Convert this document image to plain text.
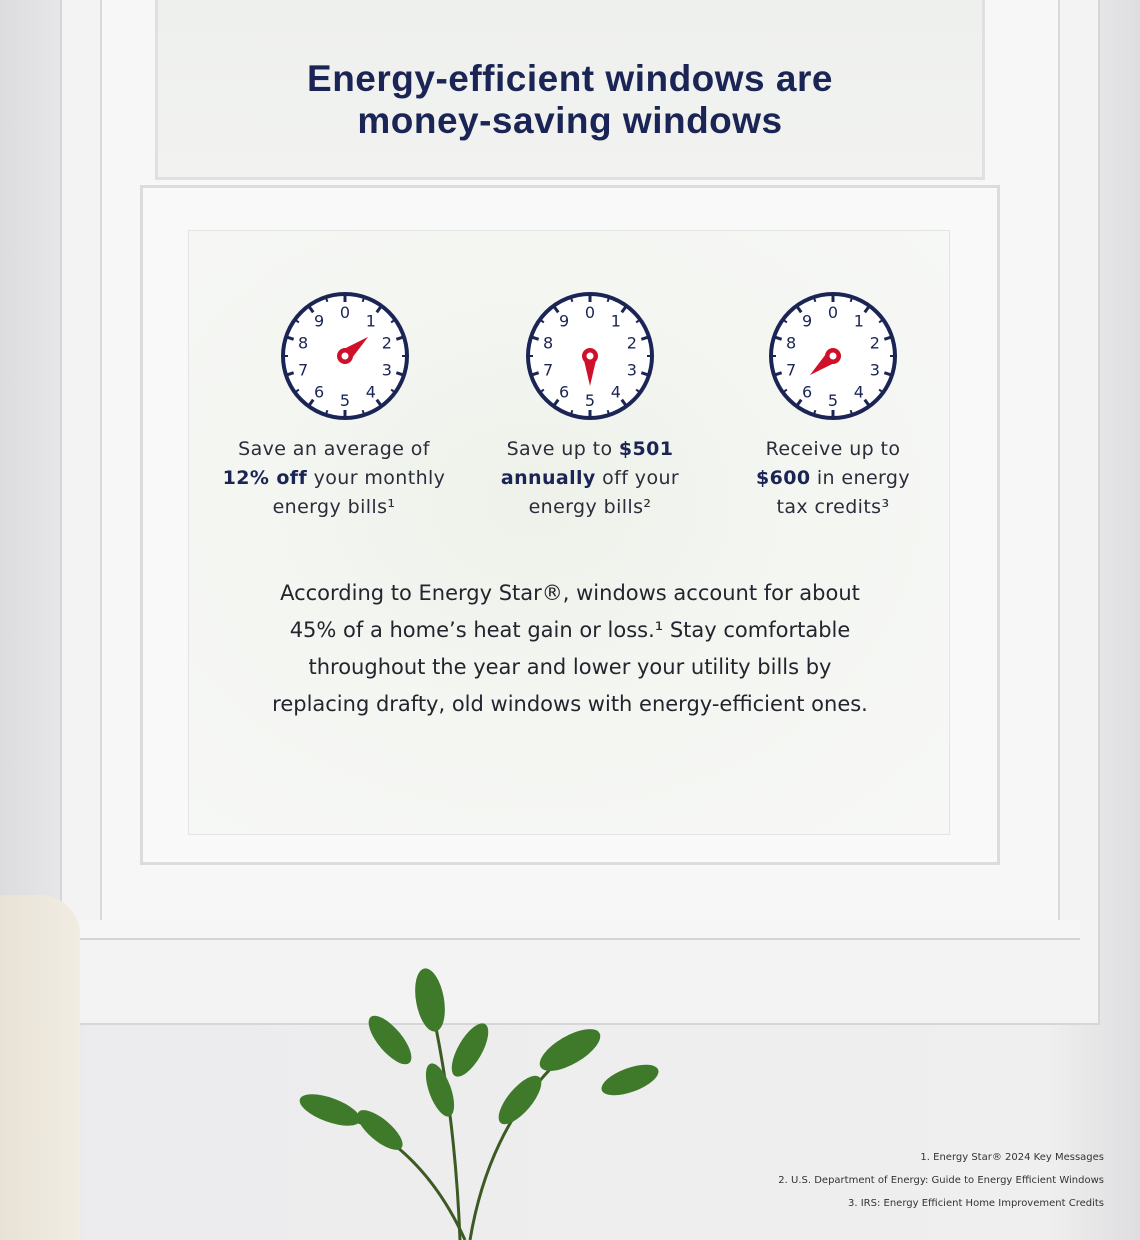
Energy-efficient windows are
money-saving windows
0 1
2
3
4
5
6
7
8
9	0 1
2
3
4
5
6
7
8
9	0 1
2
3
4
5
6
7
8
9
Save an average of
12% off your monthly
energy bills¹
Save up to $501
annually off your
energy bills²
Receive up to
$600 in energy
tax credits³

According to Energy Star®, windows account for about 45% of a home’s heat gain or loss.¹ Stay comfortable throughout the year and lower your utility bills by replacing drafty, old windows with energy-efficient ones.

1. Energy Star® 2024 Key Messages
2. U.S. Department of Energy: Guide to Energy Efficient Windows
3. IRS: Energy Efficient Home Improvement Credits
